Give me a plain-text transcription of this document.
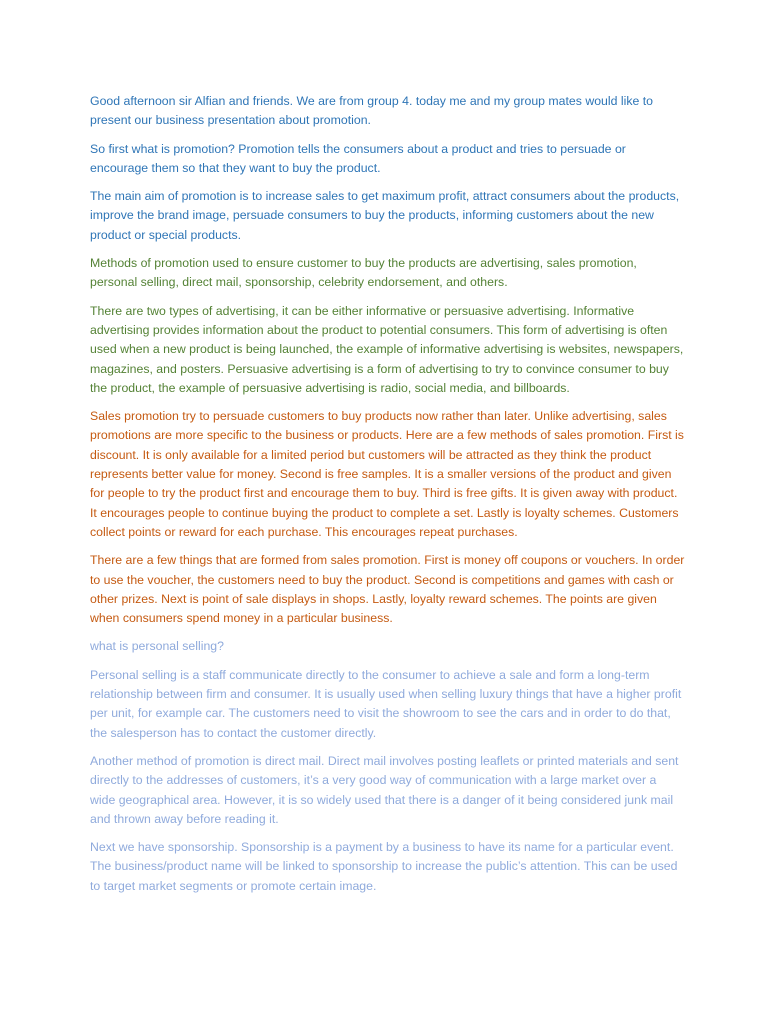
Good afternoon sir Alfian and friends. We are from group 4. today me and my group mates would like to present our business presentation about promotion.

So first what is promotion? Promotion tells the consumers about a product and tries to persuade or encourage them so that they want to buy the product.

The main aim of promotion is to increase sales to get maximum profit, attract consumers about the products, improve the brand image, persuade consumers to buy the products, informing customers about the new product or special products.

Methods of promotion used to ensure customer to buy the products are advertising, sales promotion, personal selling, direct mail, sponsorship, celebrity endorsement, and others.

There are two types of advertising, it can be either informative or persuasive advertising. Informative advertising provides information about the product to potential consumers. This form of advertising is often used when a new product is being launched, the example of informative advertising is websites, newspapers, magazines, and posters. Persuasive advertising is a form of advertising to try to convince consumer to buy the product, the example of persuasive advertising is radio, social media, and billboards.

Sales promotion try to persuade customers to buy products now rather than later. Unlike advertising, sales promotions are more specific to the business or products. Here are a few methods of sales promotion. First is discount. It is only available for a limited period but customers will be attracted as they think the product represents better value for money. Second is free samples. It is a smaller versions of the product and given for people to try the product first and encourage them to buy. Third is free gifts. It is given away with product. It encourages people to continue buying the product to complete a set. Lastly is loyalty schemes. Customers collect points or reward for each purchase. This encourages repeat purchases.

There are a few things that are formed from sales promotion. First is money off coupons or vouchers. In order to use the voucher, the customers need to buy the product. Second is competitions and games with cash or other prizes. Next is point of sale displays in shops. Lastly, loyalty reward schemes. The points are given when consumers spend money in a particular business.

what is personal selling?

Personal selling is a staff communicate directly to the consumer to achieve a sale and form a long-term relationship between firm and consumer. It is usually used when selling luxury things that have a higher profit per unit, for example car. The customers need to visit the showroom to see the cars and in order to do that, the salesperson has to contact the customer directly.

Another method of promotion is direct mail. Direct mail involves posting leaflets or printed materials and sent directly to the addresses of customers, it’s a very good way of communication with a large market over a wide geographical area. However, it is so widely used that there is a danger of it being considered junk mail and thrown away before reading it.

Next we have sponsorship. Sponsorship is a payment by a business to have its name for a particular event. The business/product name will be linked to sponsorship to increase the public’s attention. This can be used to target market segments or promote certain image.
